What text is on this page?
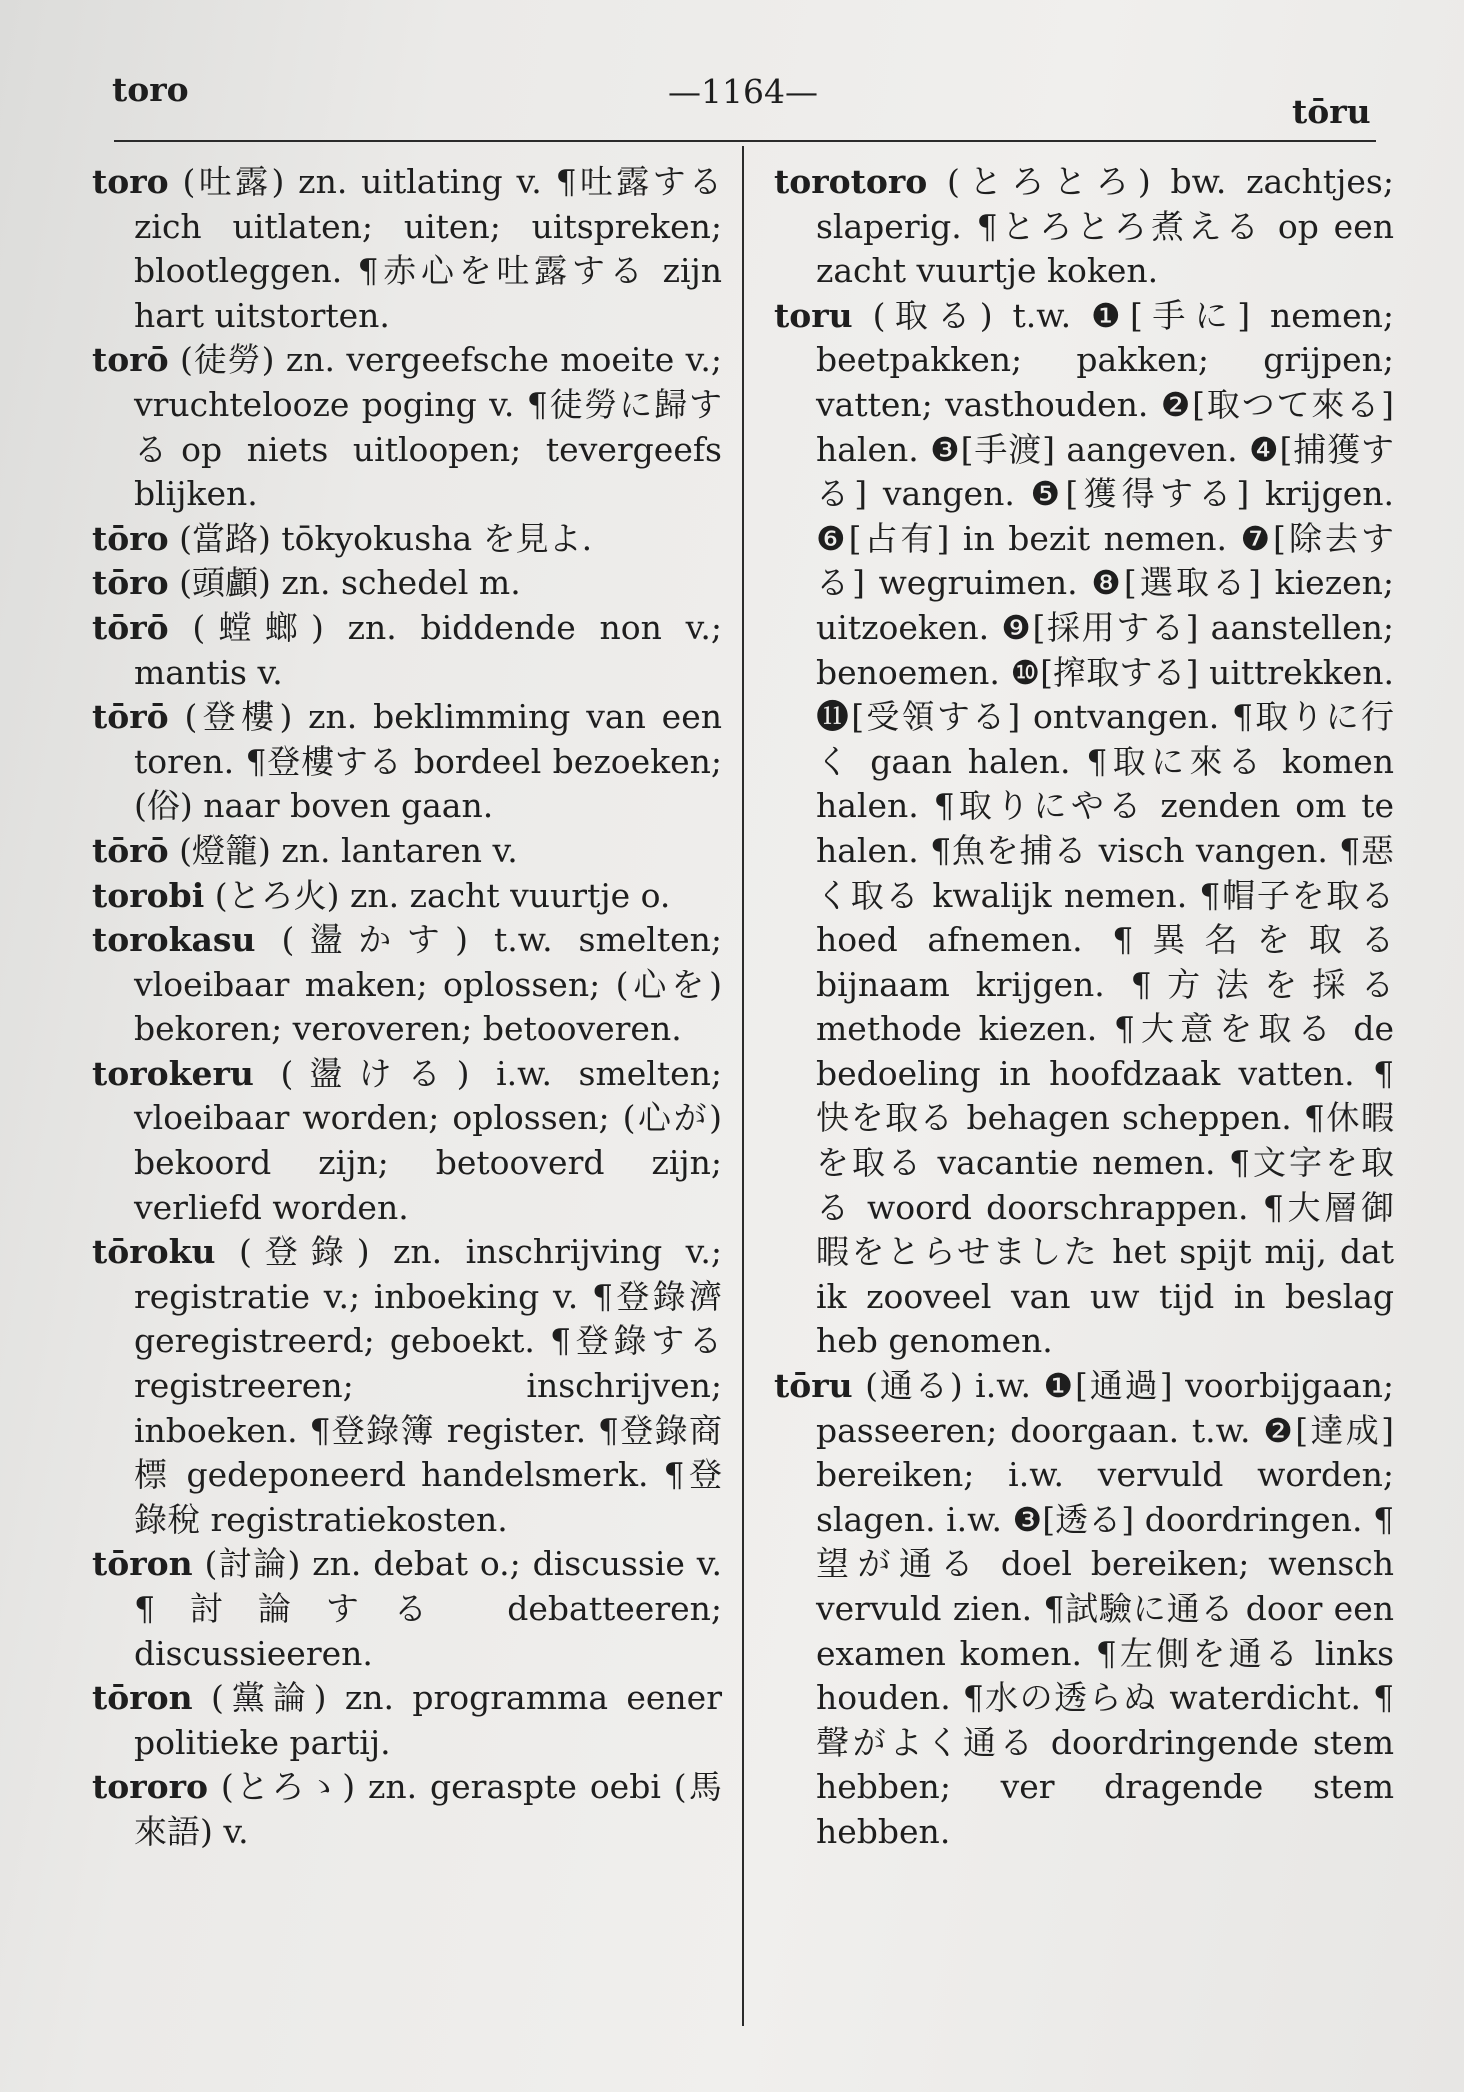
toro	—1164—
tōru
toro (吐露) zn. uitlating v. ¶吐露する zich uitlaten; uiten; uitspreken; blootleggen. ¶赤心を吐露する zijn hart uitstorten.
torō (徒勞) zn. vergeefsche moeite v.; vruchtelooze poging v. ¶徒勞に歸するop niets uitloopen; tevergeefs blijken.
tōro (當路) tōkyokusha を見よ.
tōro (頭顱) zn. schedel m.
tōrō (螳螂) zn. biddende non v.; mantis v.
tōrō (登樓) zn. beklimming van een toren. ¶登樓する bordeel bezoeken; (俗) naar boven gaan.
tōrō (燈籠) zn. lantaren v.
torobi (とろ火) zn. zacht vuurtje o.
torokasu (盪かす) t.w. smelten; vloeibaar maken; oplossen; (心を) bekoren; veroveren; betooveren.
torokeru (盪ける) i.w. smelten; vloeibaar worden; oplossen; (心が) bekoord zijn; betooverd zijn; verliefd worden.
tōroku (登錄) zn. inschrijving v.; registratie v.; inboeking v. ¶登錄濟 geregistreerd; geboekt. ¶登錄する registreeren; inschrijven; inboeken. ¶登錄簿 register. ¶登錄商標 gedeponeerd handelsmerk. ¶登錄稅 registratiekosten.
tōron (討論) zn. debat o.; discussie v. ¶討論する debatteeren; discussieeren.
tōron (黨論) zn. programma eener politieke partij.
tororo (とろゝ) zn. geraspte oebi (馬來語) v.
torotoro (とろとろ) bw. zachtjes; slaperig. ¶とろとろ煮える op een zacht vuurtje koken.
toru (取る) t.w. ❶[手に] nemen; beetpakken; pakken; grijpen; vatten; vasthouden. ❷[取つて來る] halen. ❸[手渡] aangeven. ❹[捕獲する] vangen. ❺[獲得する] krijgen. ❻[占有] in bezit nemen. ❼[除去する] wegruimen. ❽[選取る] kiezen; uitzoeken. ❾[採用する] aanstellen; benoemen. ❿[搾取する] uittrekken. ⓫[受領する] ontvangen. ¶取りに行く gaan halen. ¶取に來る komen halen. ¶取りにやる zenden om te halen. ¶魚を捕る visch vangen. ¶惡く取る kwalijk nemen. ¶帽子を取る hoed afnemen. ¶異名を取る bijnaam krijgen. ¶方法を採る methode kiezen. ¶大意を取る de bedoeling in hoofdzaak vatten. ¶快を取る behagen scheppen. ¶休暇を取る vacantie nemen. ¶文字を取る woord doorschrappen. ¶大層御暇をとらせました het spijt mij, dat ik zooveel van uw tijd in beslag heb genomen.
tōru (通る) i.w. ❶[通過] voorbijgaan; passeeren; doorgaan. t.w. ❷[達成] bereiken; i.w. vervuld worden; slagen. i.w. ❸[透る] doordringen. ¶望が通る doel bereiken; wensch vervuld zien. ¶試驗に通る door een examen komen. ¶左側を通る links houden. ¶水の透らぬ waterdicht. ¶聲がよく通る doordringende stem hebben; ver dragende stem hebben.
